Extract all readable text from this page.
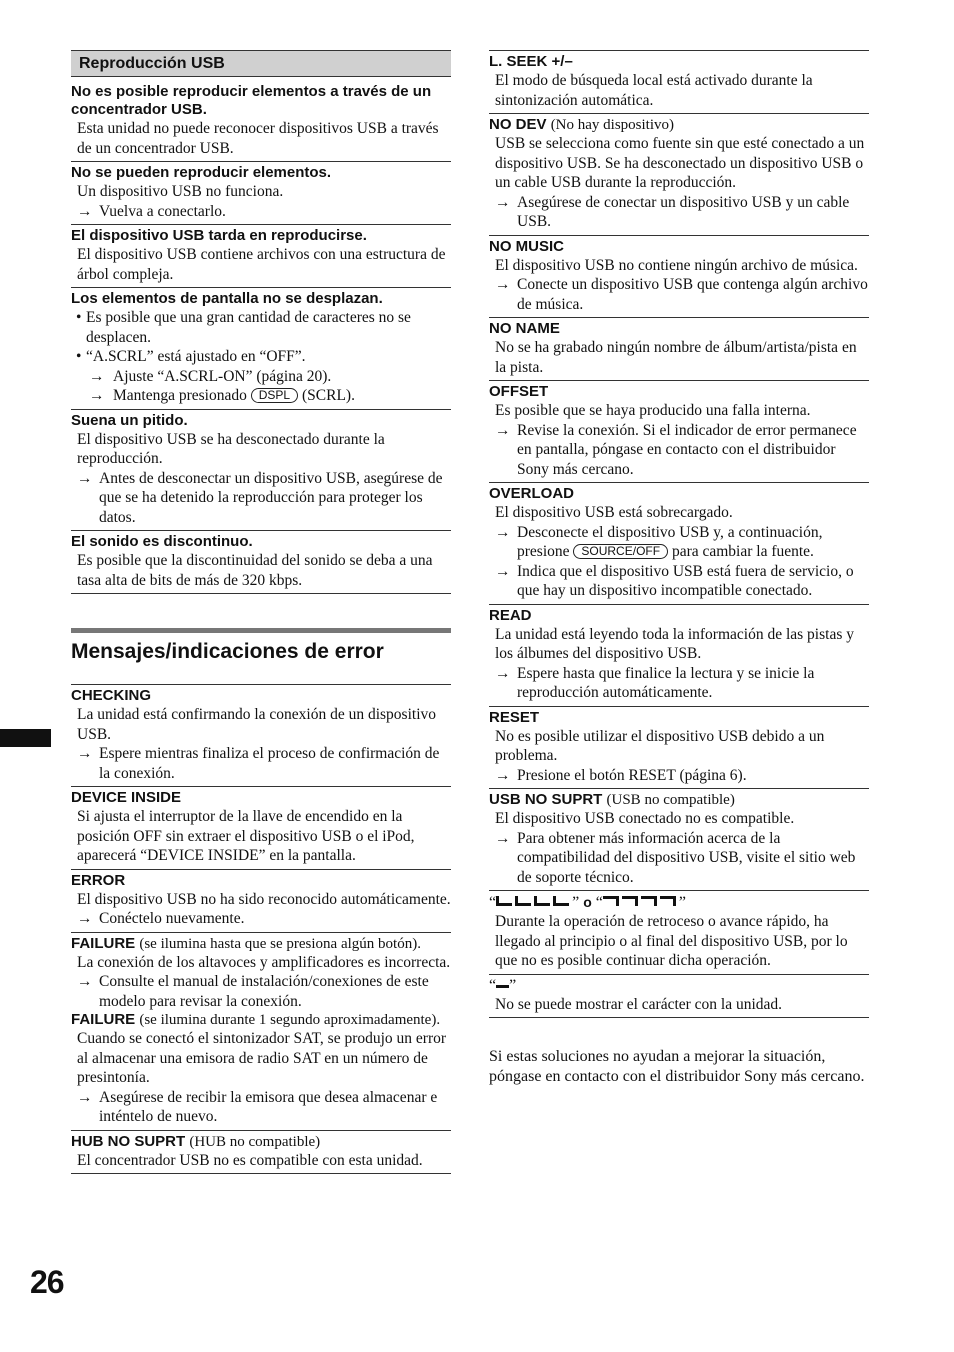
Reproducción USB
No es posible reproducir elementos a través de un concentrador USB.
Esta unidad no puede reconocer dispositivos USB a través de un concentrador USB.
No se pueden reproducir elementos.
Un dispositivo USB no funciona.
→ Vuelva a conectarlo.
El dispositivo USB tarda en reproducirse.
El dispositivo USB contiene archivos con una estructura de árbol compleja.
Los elementos de pantalla no se desplazan.
• Es posible que una gran cantidad de caracteres no se desplacen.
• “A.SCRL” está ajustado en “OFF”.
→ Ajuste “A.SCRL-ON” (página 20).
→ Mantenga presionado DSPL (SCRL).
Suena un pitido.
El dispositivo USB se ha desconectado durante la reproducción.
→ Antes de desconectar un dispositivo USB, asegúrese de que se ha detenido la reproducción para proteger los datos.
El sonido es discontinuo.
Es posible que la discontinuidad del sonido se deba a una tasa alta de bits de más de 320 kbps.
Mensajes/indicaciones de error
CHECKING
La unidad está confirmando la conexión de un dispositivo USB.
→ Espere mientras finaliza el proceso de confirmación de la conexión.
DEVICE INSIDE
Si ajusta el interruptor de la llave de encendido en la posición OFF sin extraer el dispositivo USB o el iPod, aparecerá “DEVICE INSIDE” en la pantalla.
ERROR
El dispositivo USB no ha sido reconocido automáticamente.
→ Conéctelo nuevamente.
FAILURE (se ilumina hasta que se presiona algún botón).
La conexión de los altavoces y amplificadores es incorrecta.
→ Consulte el manual de instalación/conexiones de este modelo para revisar la conexión.
FAILURE (se ilumina durante 1 segundo aproximadamente).
Cuando se conectó el sintonizador SAT, se produjo un error al almacenar una emisora de radio SAT en un número de presintonía.
→ Asegúrese de recibir la emisora que desea almacenar e inténtelo de nuevo.
HUB NO SUPRT (HUB no compatible)
El concentrador USB no es compatible con esta unidad.
L. SEEK +/–
El modo de búsqueda local está activado durante la sintonización automática.
NO DEV (No hay dispositivo)
USB se selecciona como fuente sin que esté conectado a un dispositivo USB. Se ha desconectado un dispositivo USB o un cable USB durante la reproducción.
→ Asegúrese de conectar un dispositivo USB y un cable USB.
NO MUSIC
El dispositivo USB no contiene ningún archivo de música.
→ Conecte un dispositivo USB que contenga algún archivo de música.
NO NAME
No se ha grabado ningún nombre de álbum/artista/pista en la pista.
OFFSET
Es posible que se haya producido una falla interna.
→ Revise la conexión. Si el indicador de error permanece en pantalla, póngase en contacto con el distribuidor Sony más cercano.
OVERLOAD
El dispositivo USB está sobrecargado.
→ Desconecte el dispositivo USB y, a continuación, presione SOURCE/OFF para cambiar la fuente.
→ Indica que el dispositivo USB está fuera de servicio, o que hay un dispositivo incompatible conectado.
READ
La unidad está leyendo toda la información de las pistas y los álbumes del dispositivo USB.
→ Espere hasta que finalice la lectura y se inicie la reproducción automáticamente.
RESET
No es posible utilizar el dispositivo USB debido a un problema.
→ Presione el botón RESET (página 6).
USB NO SUPRT (USB no compatible)
El dispositivo USB conectado no es compatible.
→ Para obtener más información acerca de la compatibilidad del dispositivo USB, visite el sitio web de soporte técnico.
“	” o “	”
Durante la operación de retroceso o avance rápido, ha llegado al principio o al final del dispositivo USB, por lo que no es posible continuar dicha operación.
“ ”
No se puede mostrar el carácter con la unidad.
Si estas soluciones no ayudan a mejorar la situación, póngase en contacto con el distribuidor Sony más cercano.
26
